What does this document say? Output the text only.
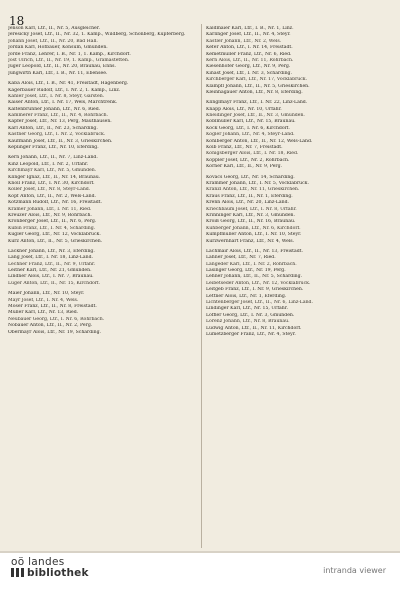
18
Jenson Karl, Ltr., II., Nr. 5, Ausgleicher.
Jeresicky Josef, Ltr., II., Nr. 32, 1. Kamp., Wildberg, Schönberg, Kupferberg.
Johann Josef, Ltr., II., Nr. 20, Bad Hall.
Jordan Karl, Hofbauer, Konsum, Gmunden.
Jorde Franz, Lehrer, I. B., Nr. 1, 1. Kamp., Kirchdorf.
Jost Ulrich, Ltr., II., Nr. 19, 1. Kamp., Gramastetten.
Jüger Leopold, Ltr., II., Nr. 20, Braunau, Enns.
Jungwirth Karl, Ltr., I. B., Nr. 11, Ebensee.
Kaba Alois, Ltr., I. B., Nr. 41, Freistadt, Hagenberg.
Kagerbauer Rudolf, Ltr., I. Nr. 2, 1. Kamp., Linz.
Kahler Josef, Ltr., I. Nr. 8, Steyr, Garsten.
Kaiser Anton, Ltr., I. Nr. 17, Wels, Marchtrenk.
Kaltenbrunner Johann, Ltr., Nr. 6, Ried.
Kammerer Franz, Ltr., II., Nr. 4, Rohrbach.
Kapfer Josef, Ltr., Nr. 13, Perg, Mauthausen.
Karl Anton, Ltr., II., Nr. 23, Schärding.
Kastner Georg, Ltr., I. Nr. 2, Vöcklabruck.
Kaufmann Josef, Ltr., II., Nr. 3, Grieskirchen.
Keplinger Franz, Ltr., Nr. 10, Eferding.
Kern Johann, Ltr., II., Nr. 7, Linz-Land.
Kinz Leopold, Ltr., I. Nr. 2, Urfahr.
Kirchmayr Karl, Ltr., Nr. 5, Gmunden.
Klinger Ignaz, Ltr., II., Nr. 14, Braunau.
Knoll Franz, Ltr., I. Nr. 30, Kirchdorf.
Koller Josef, Ltr., Nr. 8, Steyr-Land.
Kopf Anton, Ltr., II., Nr. 2, Wels-Land.
Kotzmann Rudolf, Ltr., Nr. 16, Freistadt.
Kramer Johann, Ltr., I. Nr. 11, Ried.
Kreuzer Alois, Ltr., Nr. 9, Rohrbach.
Kronberger Josef, Ltr., II., Nr. 6, Perg.
Kubin Franz, Ltr., I. Nr. 4, Schärding.
Kugler Georg, Ltr., Nr. 12, Vöcklabruck.
Kurz Anton, Ltr., II., Nr. 5, Grieskirchen.
Lackner Johann, Ltr., Nr. 3, Eferding.
Lang Josef, Ltr., I. Nr. 18, Linz-Land.
Lechner Franz, Ltr., II., Nr. 9, Urfahr.
Leitner Karl, Ltr., Nr. 21, Gmunden.
Lindner Alois, Ltr., I. Nr. 7, Braunau.
Luger Anton, Ltr., II., Nr. 15, Kirchdorf.
Maier Johann, Ltr., Nr. 10, Steyr.
Mayr Josef, Ltr., I. Nr. 4, Wels.
Moser Franz, Ltr., II., Nr. 8, Freistadt.
Müller Karl, Ltr., Nr. 13, Ried.
Neubauer Georg, Ltr., I. Nr. 6, Rohrbach.
Nöbauer Anton, Ltr., II., Nr. 2, Perg.
Obermayr Alois, Ltr., Nr. 19, Schärding.
Kaldmaier Karl, Ltr., I. B., Nr. 1, Linz.
Karlinger Josef, Ltr., II., Nr. 4, Steyr.
Kastler Johann, Ltr., Nr. 2, Wels.
Kefer Anton, Ltr., I. Nr. 14, Freistadt.
Kemetmüller Franz, Ltr., Nr. 6, Ried.
Kern Alois, Ltr., II., Nr. 11, Rohrbach.
Kiesenhofer Georg, Ltr., Nr. 9, Perg.
Kinast Josef, Ltr., I. Nr. 3, Schärding.
Kirchberger Karl, Ltr., Nr. 17, Vöcklabruck.
Klampfl Johann, Ltr., II., Nr. 5, Grieskirchen.
Kleinhagauer Anton, Ltr., Nr. 8, Eferding.
Klinglmayr Franz, Ltr., I. Nr. 22, Linz-Land.
Knapp Alois, Ltr., Nr. 10, Urfahr.
Kneidinger Josef, Ltr., II., Nr. 3, Gmunden.
Koblmüller Karl, Ltr., Nr. 15, Braunau.
Köck Georg, Ltr., I. Nr. 6, Kirchdorf.
Kogler Johann, Ltr., Nr. 4, Steyr-Land.
Kohlberger Anton, Ltr., II., Nr. 12, Wels-Land.
Kolb Franz, Ltr., Nr. 7, Freistadt.
Königsberger Alois, Ltr., I. Nr. 18, Ried.
Koppler Josef, Ltr., Nr. 2, Rohrbach.
Korner Karl, Ltr., II., Nr. 9, Perg.
Kovacs Georg, Ltr., Nr. 14, Schärding.
Krammer Johann, Ltr., I. Nr. 5, Vöcklabruck.
Kranzl Anton, Ltr., Nr. 11, Grieskirchen.
Kraus Franz, Ltr., II., Nr. 1, Eferding.
Krenn Alois, Ltr., Nr. 20, Linz-Land.
Kriechbaum Josef, Ltr., I. Nr. 8, Urfahr.
Krinninger Karl, Ltr., Nr. 3, Gmunden.
Kroiß Georg, Ltr., II., Nr. 16, Braunau.
Kühberger Johann, Ltr., Nr. 6, Kirchdorf.
Kumpfmüller Anton, Ltr., I. Nr. 10, Steyr.
Kurzwernhart Franz, Ltr., Nr. 4, Wels.
Lachmair Alois, Ltr., II., Nr. 13, Freistadt.
Lahner Josef, Ltr., Nr. 7, Ried.
Langeder Karl, Ltr., I. Nr. 2, Rohrbach.
Lasinger Georg, Ltr., Nr. 19, Perg.
Lehner Johann, Ltr., II., Nr. 5, Schärding.
Leibetseder Anton, Ltr., Nr. 12, Vöcklabruck.
Leitgeb Franz, Ltr., I. Nr. 9, Grieskirchen.
Lettner Alois, Ltr., Nr. 1, Eferding.
Lichtenberger Josef, Ltr., II., Nr. 6, Linz-Land.
Lindinger Karl, Ltr., Nr. 15, Urfahr.
Löffler Georg, Ltr., I. Nr. 3, Gmunden.
Lorenz Johann, Ltr., Nr. 8, Braunau.
Ludwig Anton, Ltr., II., Nr. 11, Kirchdorf.
Lumetzberger Franz, Ltr., Nr. 4, Steyr.
oö landes
bibliothek	intranda viewer
